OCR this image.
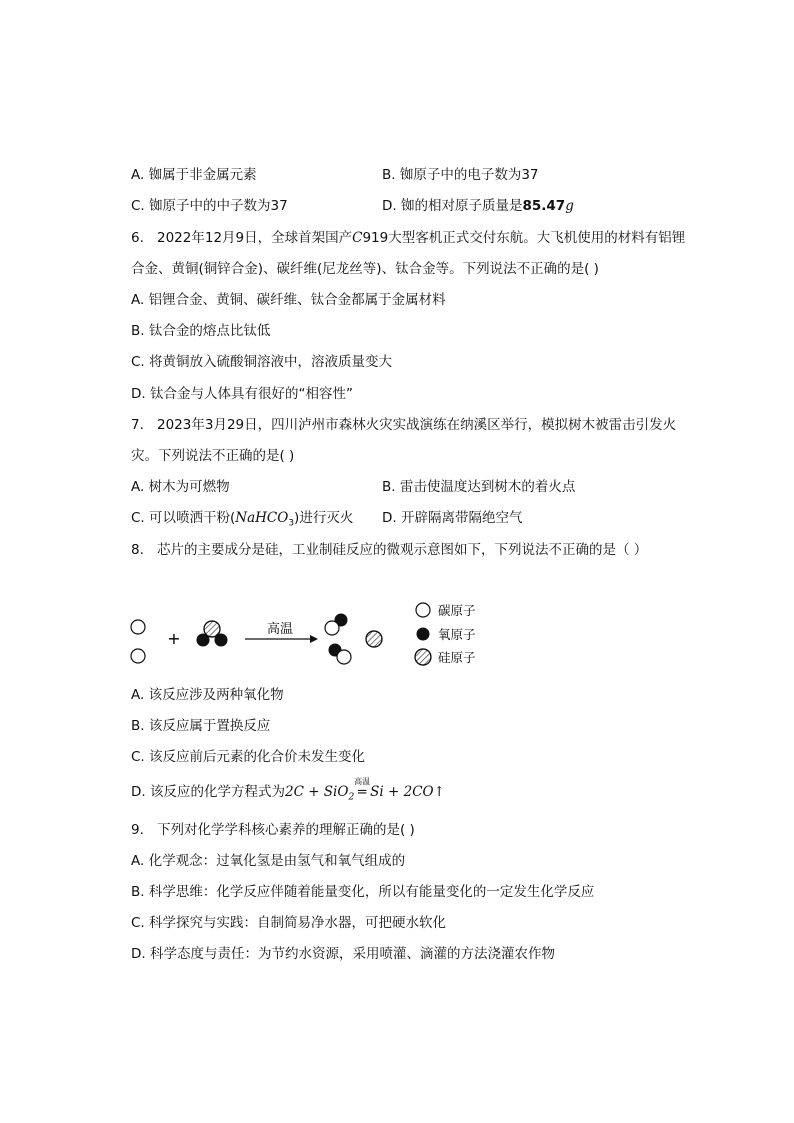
A. 铷属于非金属元素	B. 铷原子中的电子数为37
C. 铷原子中的中子数为37	D. 铷的相对原子质量是85.47g
6. 2022年12月9日，全球首架国产C919大型客机正式交付东航。大飞机使用的材料有铝锂
合金、黄铜(铜锌合金)、碳纤维(尼龙丝等)、钛合金等。下列说法不正确的是( )
A. 铝锂合金、黄铜、碳纤维、钛合金都属于金属材料
B. 钛合金的熔点比钛低
C. 将黄铜放入硫酸铜溶液中，溶液质量变大
D. 钛合金与人体具有很好的“相容性”
7. 2023年3月29日，四川泸州市森林火灾实战演练在纳溪区举行，模拟树木被雷击引发火
灾。下列说法不正确的是( )
A. 树木为可燃物	B. 雷击使温度达到树木的着火点
C. 可以喷洒干粉(NaHCO$_3$)进行灭火 D. 开辟隔离带隔绝空气
8. 芯片的主要成分是硅，工业制硅反应的微观示意图如下，下列说法不正确的是（ ）
+	高温
碳原子
氧原子
硅原子
A. 该反应涉及两种氧化物
B. 该反应属于置换反应
C. 该反应前后元素的化合价未发生变化
D. 该反应的化学方程式为2C + SiO$_2$
高温
= Si + 2CO↑
9. 下列对化学学科核心素养的理解正确的是( )
A. 化学观念：过氧化氢是由氢气和氧气组成的
B. 科学思维：化学反应伴随着能量变化，所以有能量变化的一定发生化学反应
C. 科学探究与实践：自制简易净水器，可把硬水软化
D. 科学态度与责任：为节约水资源，采用喷灌、滴灌的方法浇灌农作物
